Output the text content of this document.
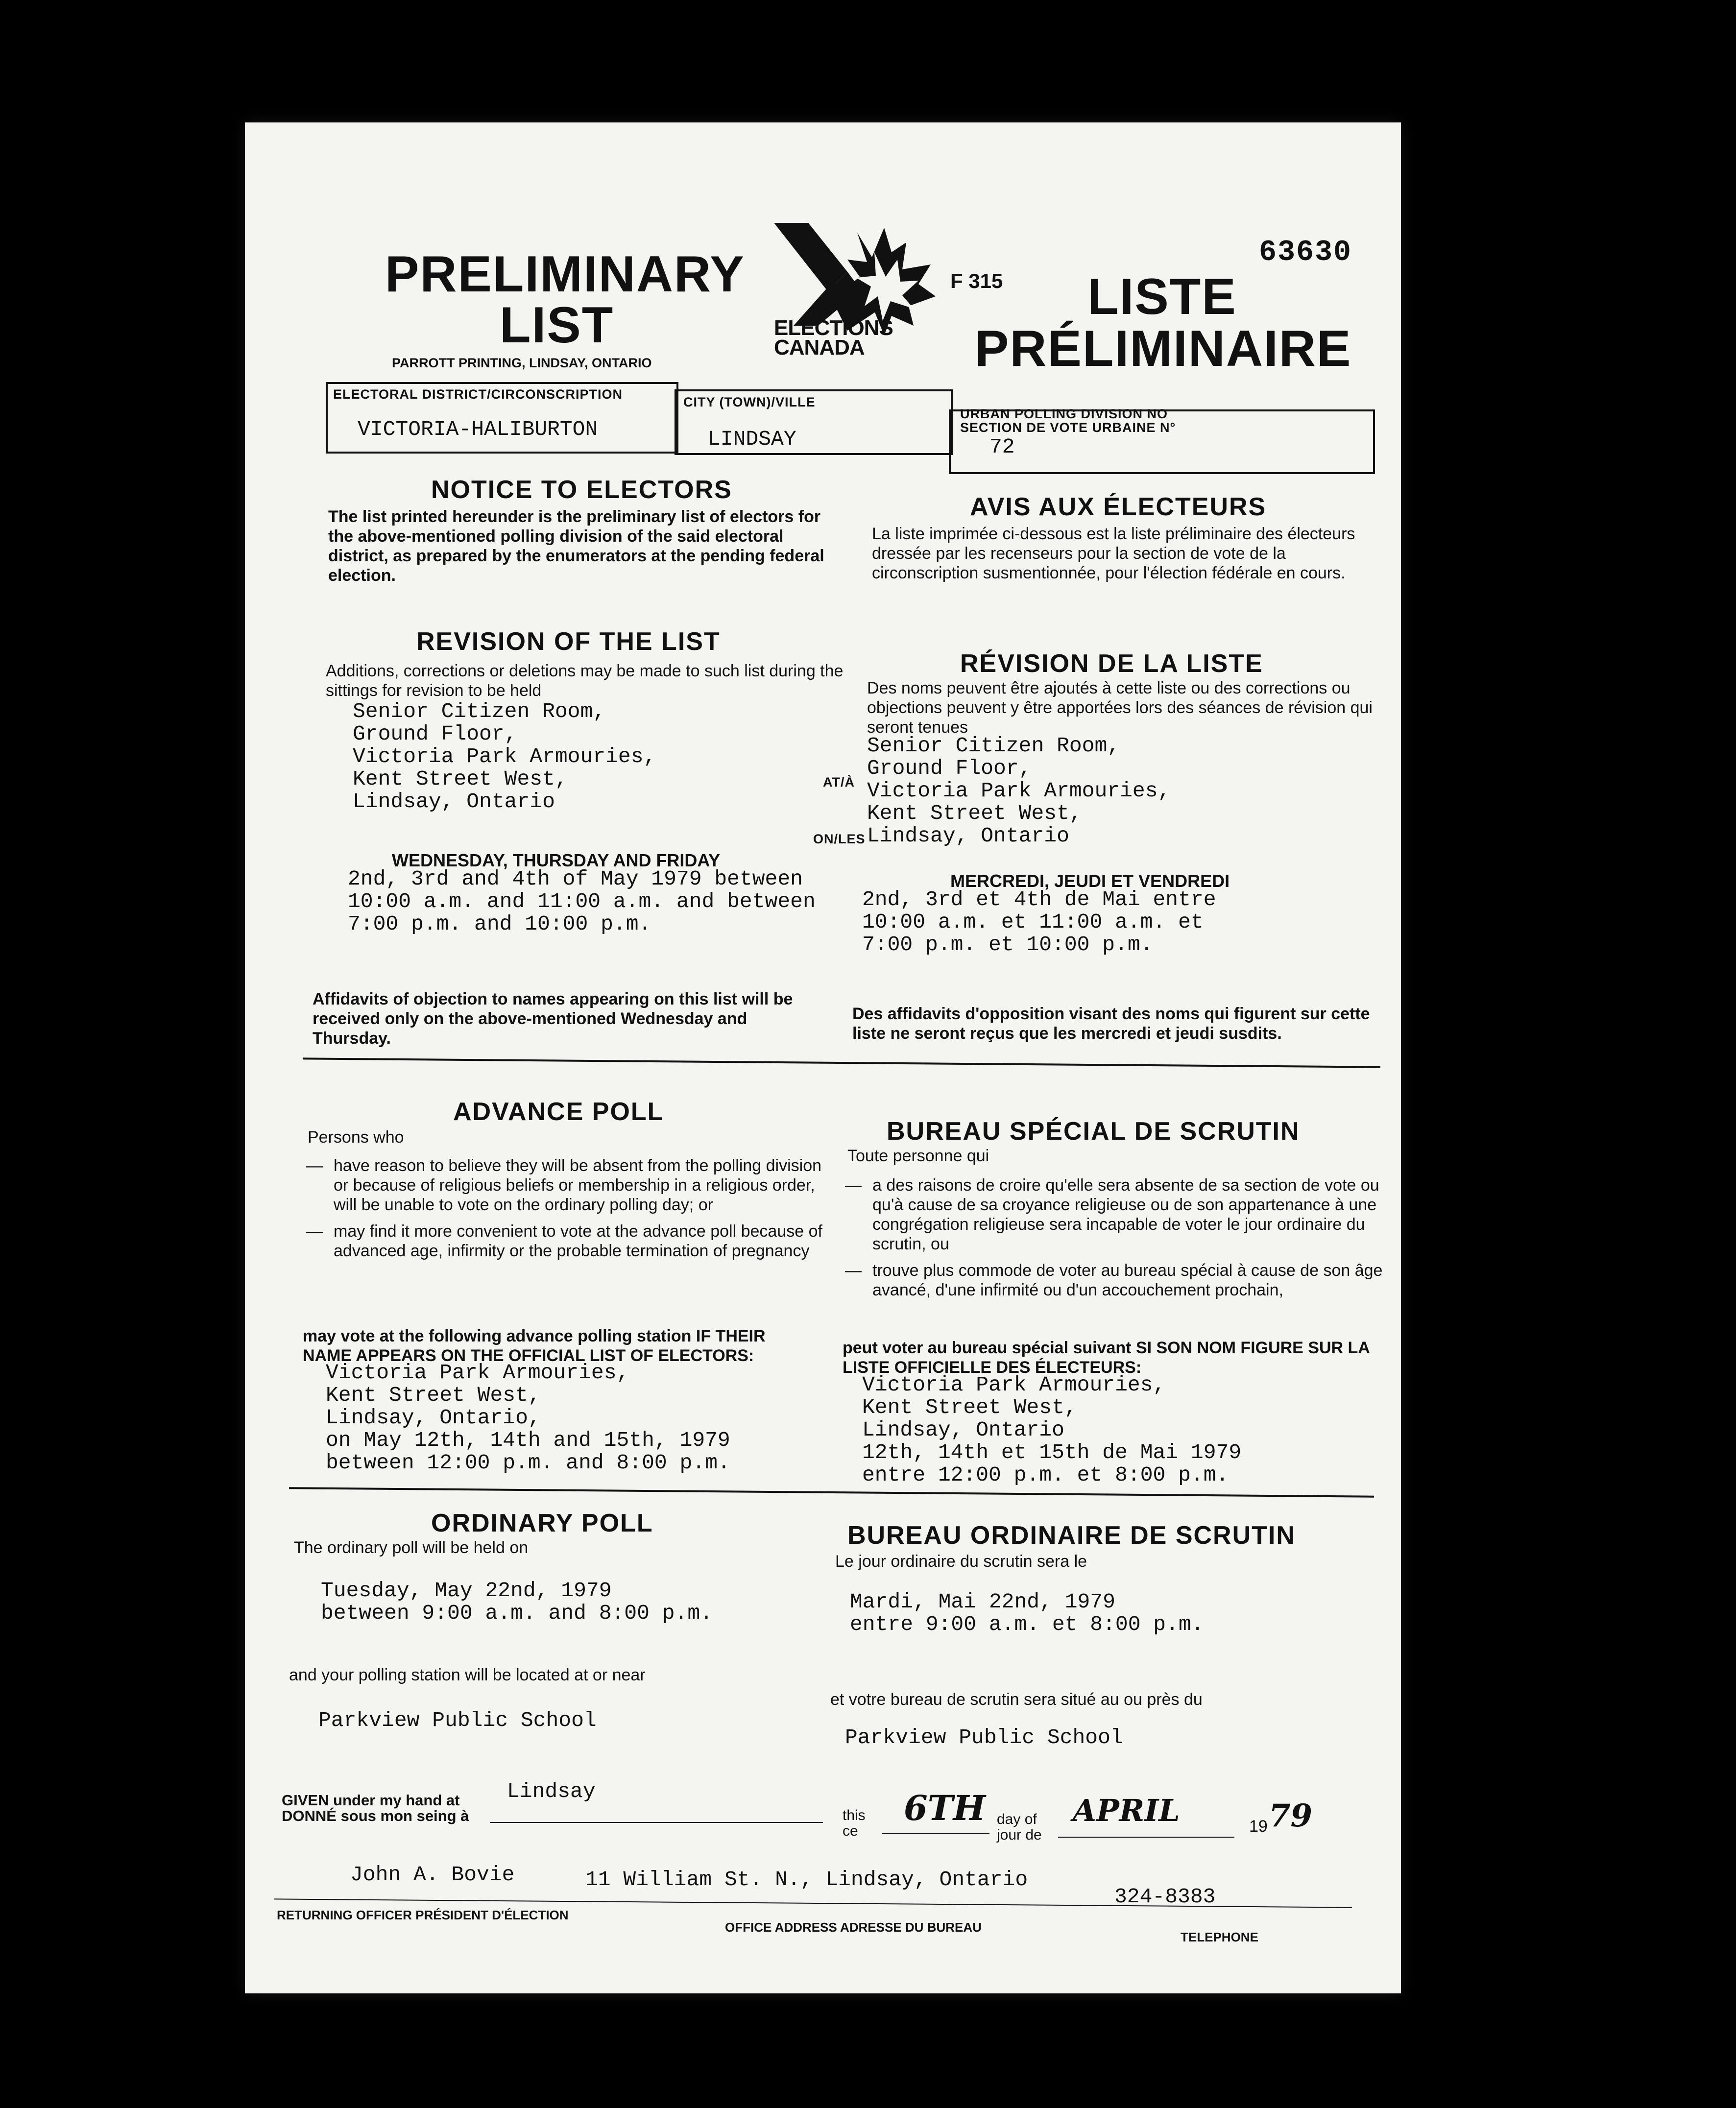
63630
PRELIMINARY
LIST
PARROTT PRINTING, LINDSAY, ONTARIO
ELECTIONS
CANADA
F 315 LISTE
PRÉLIMINAIRE
ELECTORAL DISTRICT/CIRCONSCRIPTION
VICTORIA-HALIBURTON
CITY (TOWN)/VILLE
LINDSAY
URBAN POLLING DIVISION NO
SECTION DE VOTE URBAINE N°
72
NOTICE TO ELECTORS
The list printed hereunder is the preliminary list of electors for the above-mentioned polling division of the said electoral district, as prepared by the enumerators at the pending federal election.
AVIS AUX ÉLECTEURS
La liste imprimée ci-dessous est la liste préliminaire des électeurs dressée par les recenseurs pour la section de vote de la circonscription susmentionnée, pour l'élection fédérale en cours.
REVISION OF THE LIST
Additions, corrections or deletions may be made to such list during the sittings for revision to be held
Senior Citizen Room,
Ground Floor,
Victoria Park Armouries,
Kent Street West,
Lindsay, Ontario
AT/À
ON/LES
WEDNESDAY, THURSDAY AND FRIDAY
2nd, 3rd and 4th of May 1979 between
10:00 a.m. and 11:00 a.m. and between
7:00 p.m. and 10:00 p.m.
RÉVISION DE LA LISTE
Des noms peuvent être ajoutés à cette liste ou des corrections ou objections peuvent y être apportées lors des séances de révision qui seront tenues
Senior Citizen Room,
Ground Floor,
Victoria Park Armouries,
Kent Street West,
Lindsay, Ontario
MERCREDI, JEUDI ET VENDREDI
2nd, 3rd et 4th de Mai entre
10:00 a.m. et 11:00 a.m. et
7:00 p.m. et 10:00 p.m.
Affidavits of objection to names appearing on this list will be received only on the above-mentioned Wednesday and Thursday.
Des affidavits d'opposition visant des noms qui figurent sur cette liste ne seront reçus que les mercredi et jeudi susdits.
ADVANCE POLL
Persons who
— have reason to believe they will be absent from the polling division or because of religious beliefs or membership in a religious order, will be unable to vote on the ordinary polling day; or
— may find it more convenient to vote at the advance poll because of advanced age, infirmity or the probable termination of pregnancy
may vote at the following advance polling station IF THEIR NAME APPEARS ON THE OFFICIAL LIST OF ELECTORS:
Victoria Park Armouries,
Kent Street West,
Lindsay, Ontario,
on May 12th, 14th and 15th, 1979
between 12:00 p.m. and 8:00 p.m.
BUREAU SPÉCIAL DE SCRUTIN
Toute personne qui
— a des raisons de croire qu'elle sera absente de sa section de vote ou qu'à cause de sa croyance religieuse ou de son appartenance à une congrégation religieuse sera incapable de voter le jour ordinaire du scrutin, ou
— trouve plus commode de voter au bureau spécial à cause de son âge avancé, d'une infirmité ou d'un accouchement prochain,
peut voter au bureau spécial suivant SI SON NOM FIGURE SUR LA LISTE OFFICIELLE DES ÉLECTEURS:
Victoria Park Armouries,
Kent Street West,
Lindsay, Ontario
12th, 14th et 15th de Mai 1979
entre 12:00 p.m. et 8:00 p.m.
ORDINARY POLL
The ordinary poll will be held on
Tuesday, May 22nd, 1979
between 9:00 a.m. and 8:00 p.m.
and your polling station will be located at or near
Parkview Public School
BUREAU ORDINAIRE DE SCRUTIN
Le jour ordinaire du scrutin sera le
Mardi, Mai 22nd, 1979
entre 9:00 a.m. et 8:00 p.m.
et votre bureau de scrutin sera situé au ou près du
Parkview Public School
GIVEN under my hand at
DONNÉ sous mon seing à
Lindsay
this
ce
6TH day of
jour de
APRIL	19 79
John A. Bovie	11 William St. N., Lindsay, Ontario
324-8383
RETURNING OFFICER PRÉSIDENT D'ÉLECTION
OFFICE ADDRESS ADRESSE DU BUREAU
TELEPHONE
